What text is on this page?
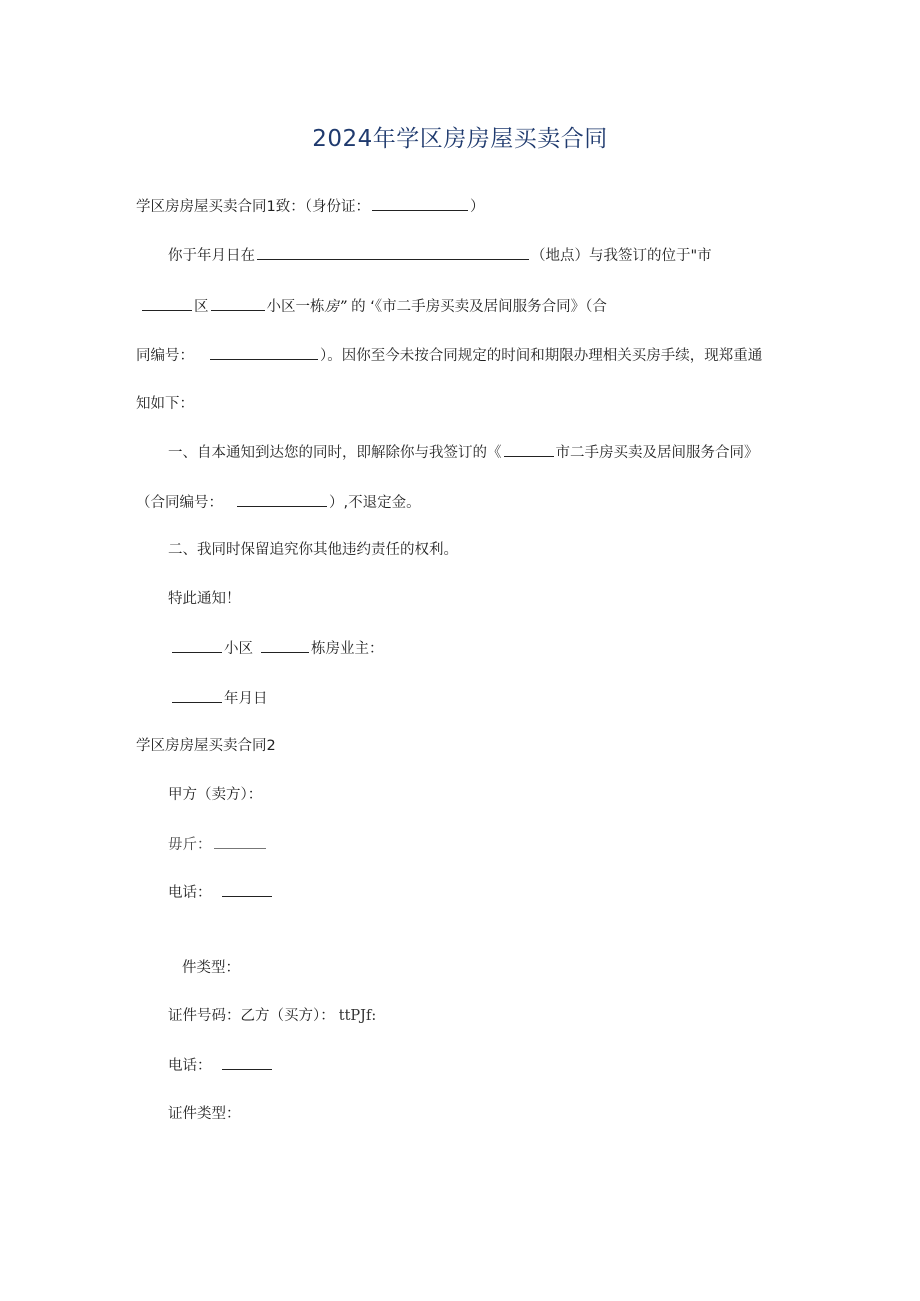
2024年学区房房屋买卖合同
学区房房屋买卖合同1致：（身份证：	）
你于年月日在	（地点）与我签订的位于"市
区	小区一栋房” 的 ‘《市二手房买卖及居间服务合同》（合
同编号：	）。因你至今未按合同规定的时间和期限办理相关买房手续，现郑重通
知如下：
一、自本通知到达您的同时，即解除你与我签订的《	市二手房买卖及居间服务合同》
（合同编号：	）,不退定金。
二、我同时保留追究你其他违约责任的权利。
特此通知！
小区	栋房业主：
年月日
学区房房屋买卖合同2
甲方（卖方）：
毋斤：
电话：
件类型：
证件号码：乙方（买方）： ttPJf:
电话：
证件类型：
